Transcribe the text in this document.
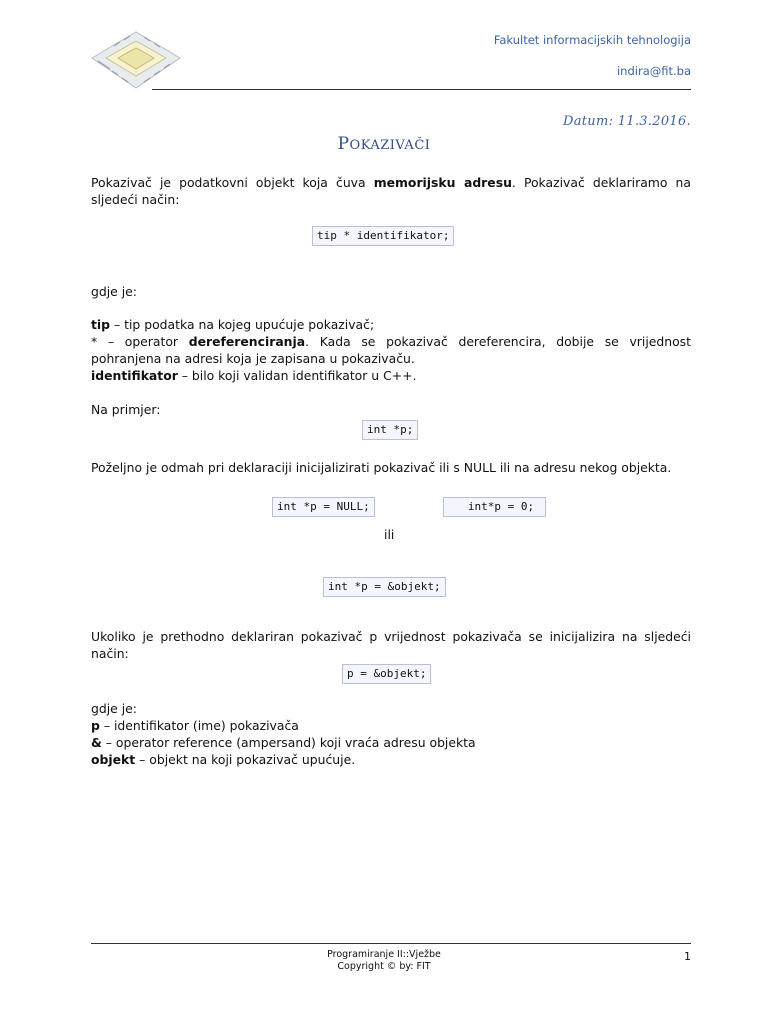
Fakultet informacijskih tehnologija
indira@fit.ba
Datum: 11.3.2016.
POKAZIVAČI
Pokazivač je podatkovni objekt koja čuva memorijsku adresu. Pokazivač deklariramo na sljedeći način:
tip * identifikator;
gdje je:
tip – tip podatka na kojeg upućuje pokazivač;
* – operator dereferenciranja. Kada se pokazivač dereferencira, dobije se vrijednost pohranjena na adresi koja je zapisana u pokazivaču.
identifikator – bilo koji validan identifikator u C++.
Na primjer:
int *p;
Poželjno je odmah pri deklaraciji inicijalizirati pokazivač ili s NULL ili na adresu nekog objekta.
int *p = NULL;	int*p = 0;
ili
int *p = &objekt;
Ukoliko je prethodno deklariran pokazivač p vrijednost pokazivača se inicijalizira na sljedeći način:
p = &objekt;
gdje je:
p – identifikator (ime) pokazivača
& – operator reference (ampersand) koji vraća adresu objekta
objekt – objekt na koji pokazivač upućuje.
Programiranje II::Vježbe
Copyright © by: FIT
1
